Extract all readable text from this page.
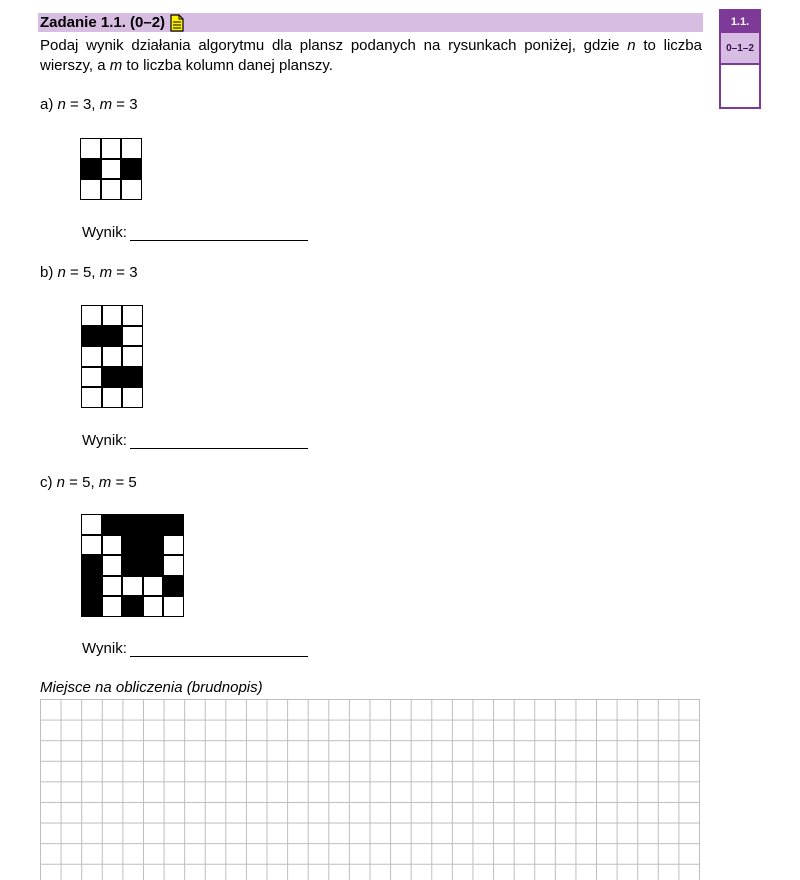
Zadanie 1.1. (0–2)

Podaj wynik działania algorytmu dla plansz podanych na rysunkach poniżej, gdzie n to liczba wierszy, a m to liczba kolumn danej planszy.

1.1.
0–1–2
a) n = 3, m = 3
Wynik:
b) n = 5, m = 3
Wynik:
c) n = 5, m = 5
Wynik:
Miejsce na obliczenia (brudnopis)
